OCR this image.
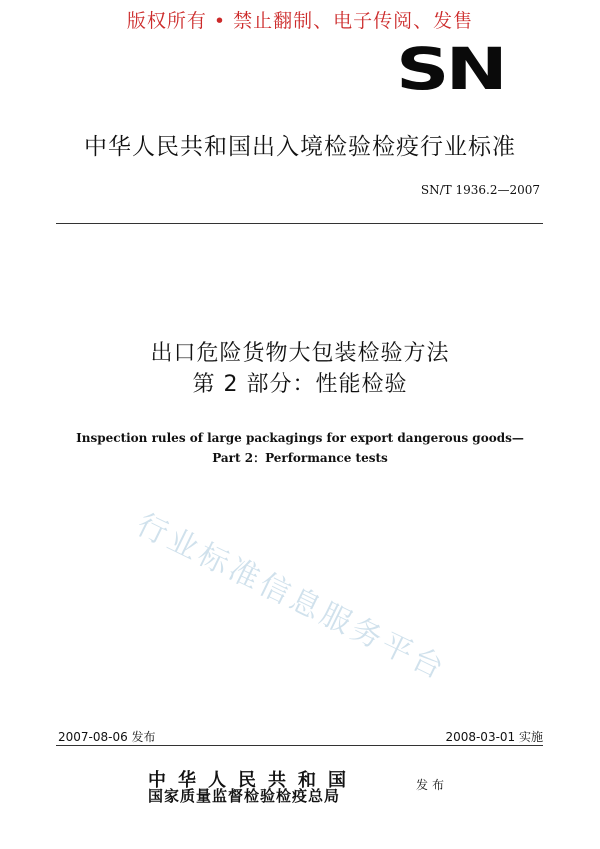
版权所有 • 禁止翻制、电子传阅、发售
SN
中华人民共和国出入境检验检疫行业标准
SN/T 1936.2—2007
出口危险货物大包装检验方法
第 2 部分：性能检验
Inspection rules of large packagings for export dangerous goods—
Part 2：Performance tests
行业标准信息服务平台
2007-08-06 发布	2008-03-01 实施
中华人民共和国
国家质量监督检验检疫总局
发布
